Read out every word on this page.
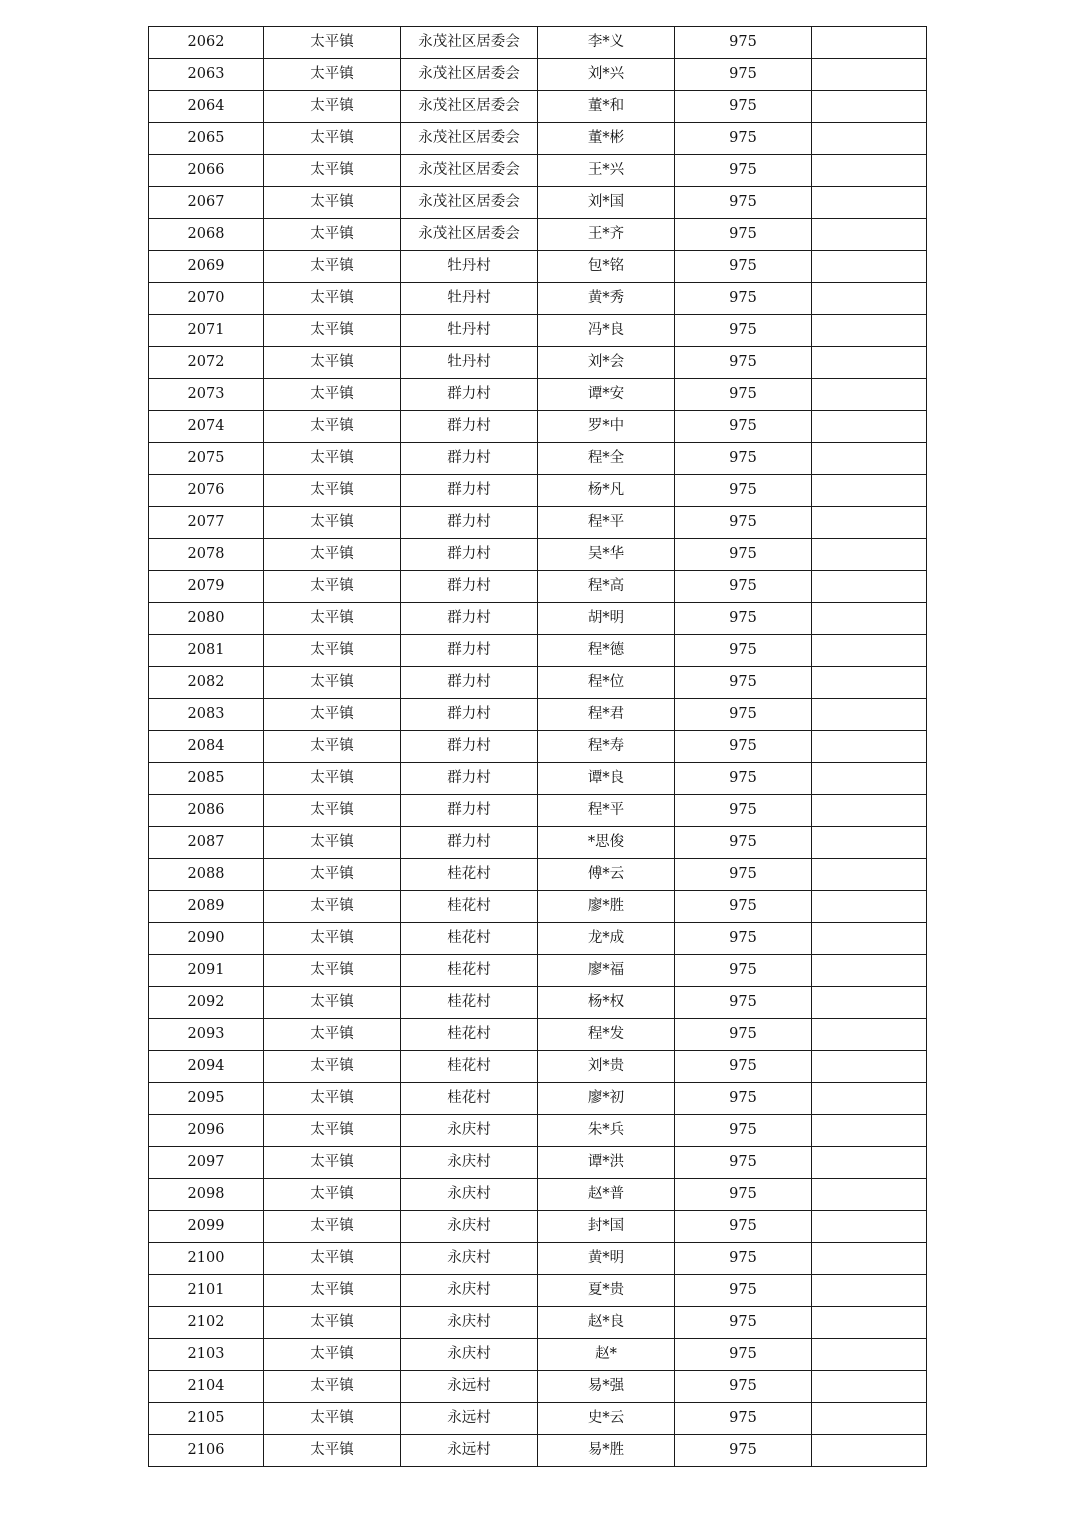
2062	太平镇	永茂社区居委会	李*义	975	
2063	太平镇	永茂社区居委会	刘*兴	975	
2064	太平镇	永茂社区居委会	董*和	975	
2065	太平镇	永茂社区居委会	董*彬	975	
2066	太平镇	永茂社区居委会	王*兴	975	
2067	太平镇	永茂社区居委会	刘*国	975	
2068	太平镇	永茂社区居委会	王*齐	975	
2069	太平镇	牡丹村	包*铭	975	
2070	太平镇	牡丹村	黄*秀	975	
2071	太平镇	牡丹村	冯*良	975	
2072	太平镇	牡丹村	刘*会	975	
2073	太平镇	群力村	谭*安	975	
2074	太平镇	群力村	罗*中	975	
2075	太平镇	群力村	程*全	975	
2076	太平镇	群力村	杨*凡	975	
2077	太平镇	群力村	程*平	975	
2078	太平镇	群力村	吴*华	975	
2079	太平镇	群力村	程*高	975	
2080	太平镇	群力村	胡*明	975	
2081	太平镇	群力村	程*德	975	
2082	太平镇	群力村	程*位	975	
2083	太平镇	群力村	程*君	975	
2084	太平镇	群力村	程*寿	975	
2085	太平镇	群力村	谭*良	975	
2086	太平镇	群力村	程*平	975	
2087	太平镇	群力村	*思俊	975	
2088	太平镇	桂花村	傅*云	975	
2089	太平镇	桂花村	廖*胜	975	
2090	太平镇	桂花村	龙*成	975	
2091	太平镇	桂花村	廖*福	975	
2092	太平镇	桂花村	杨*权	975	
2093	太平镇	桂花村	程*发	975	
2094	太平镇	桂花村	刘*贵	975	
2095	太平镇	桂花村	廖*初	975	
2096	太平镇	永庆村	朱*兵	975	
2097	太平镇	永庆村	谭*洪	975	
2098	太平镇	永庆村	赵*普	975	
2099	太平镇	永庆村	封*国	975	
2100	太平镇	永庆村	黄*明	975	
2101	太平镇	永庆村	夏*贵	975	
2102	太平镇	永庆村	赵*良	975	
2103	太平镇	永庆村	赵*	975	
2104	太平镇	永远村	易*强	975	
2105	太平镇	永远村	史*云	975	
2106	太平镇	永远村	易*胜	975	
